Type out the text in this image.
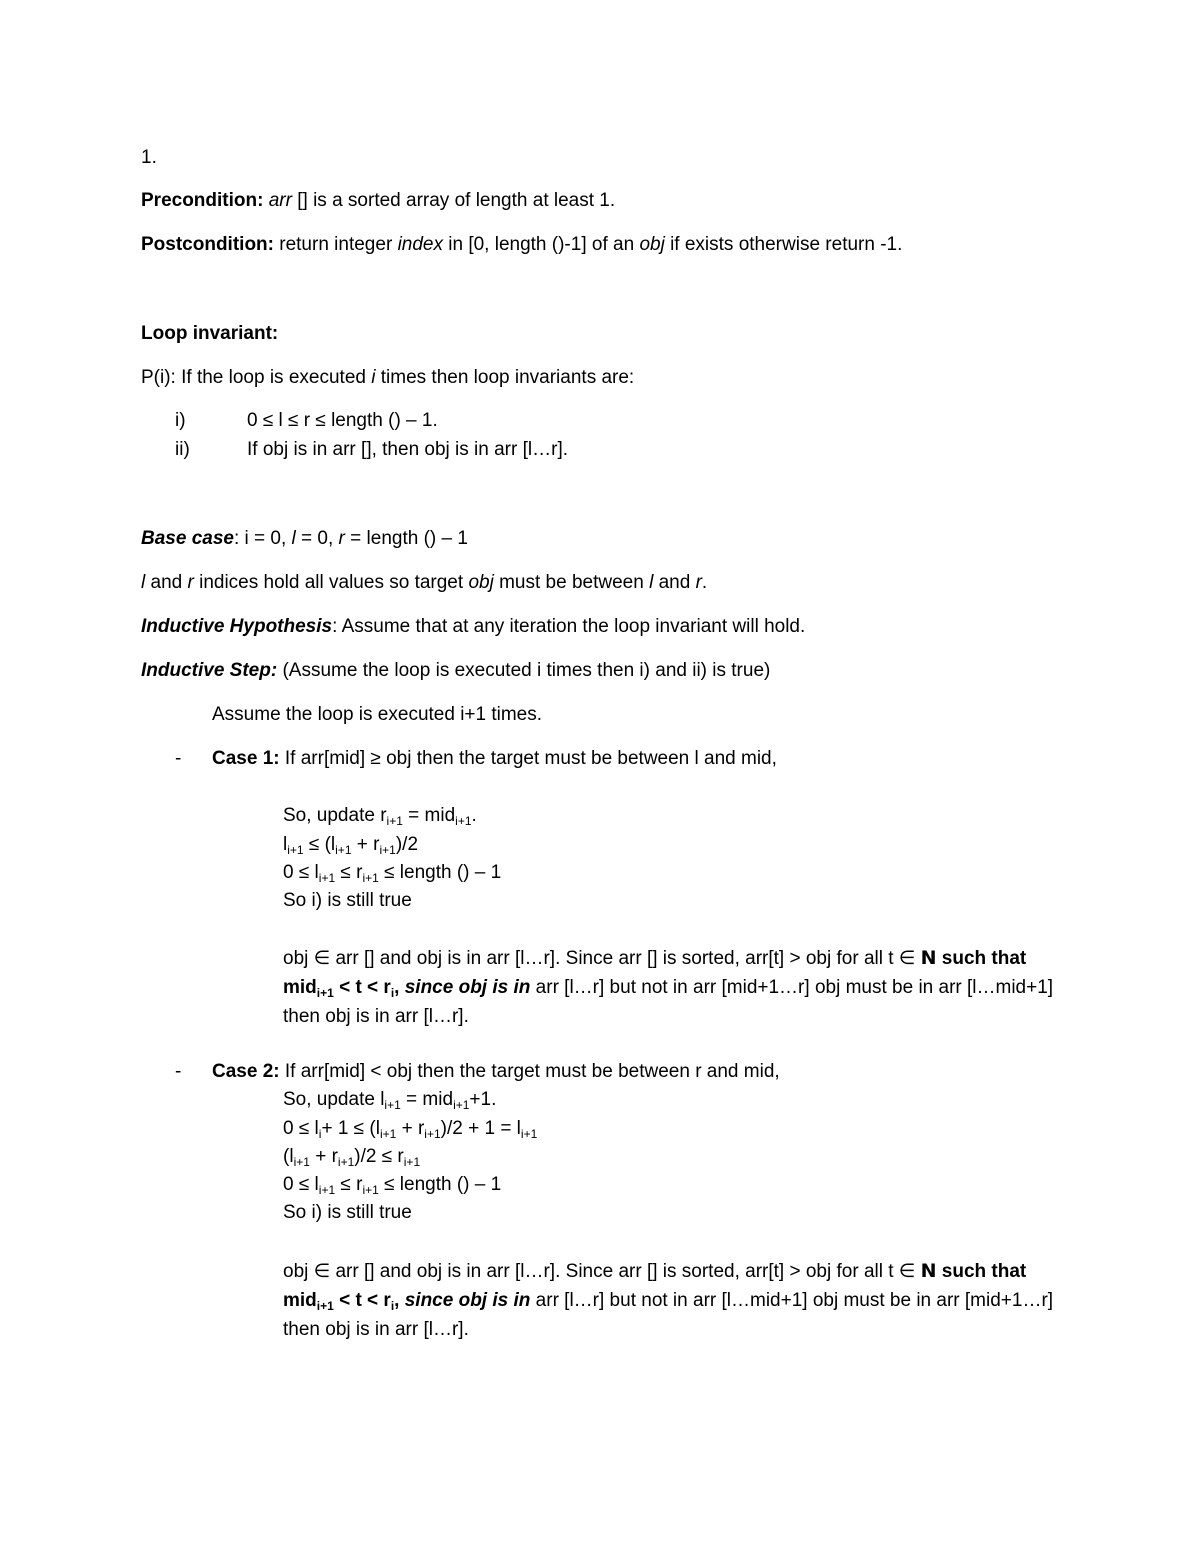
1.
Precondition: arr [] is a sorted array of length at least 1.
Postcondition: return integer index in [0, length ()-1] of an obj if exists otherwise return -1.
Loop invariant:
P(i): If the loop is executed i times then loop invariants are:
i)	0 ≤ l ≤ r ≤ length () – 1.
ii)	If obj is in arr [], then obj is in arr [l…r].
Base case: i = 0, l = 0, r = length () – 1
l and r indices hold all values so target obj must be between l and r.
Inductive Hypothesis: Assume that at any iteration the loop invariant will hold.
Inductive Step: (Assume the loop is executed i times then i) and ii) is true)
Assume the loop is executed i+1 times.
- Case 1: If arr[mid] ≥ obj then the target must be between l and mid,
So, update $r_{i+1} = mid_{i+1}$.
$l_{i+1} \le (l_{i+1} + r_{i+1})/2$
$0 \le l_{i+1} \le r_{i+1}$ ≤ length () – 1
So i) is still true
obj ∈ arr [] and obj is in arr [l…r]. Since arr [] is sorted, arr[t] > obj for all t ∈ N such that
$mid_{i+1} < t < r_i$, since obj is in arr [l…r] but not in arr [mid+1…r] obj must be in arr [l…mid+1]
then obj is in arr [l…r].
- Case 2: If arr[mid] < obj then the target must be between r and mid,
So, update $l_{i+1} = mid_{i+1}+1$.
$0 \le l_i+ 1 \le (l_{i+1} + r_{i+1})/2 + 1 = l_{i+1}$
$(l_{i+1} + r_{i+1})/2 \le r_{i+1}$
$0 \le l_{i+1} \le r_{i+1}$ ≤ length () – 1
So i) is still true
obj ∈ arr [] and obj is in arr [l…r]. Since arr [] is sorted, arr[t] > obj for all t ∈ N such that
$mid_{i+1} < t < r_i$, since obj is in arr [l…r] but not in arr [l…mid+1] obj must be in arr [mid+1…r]
then obj is in arr [l…r].
